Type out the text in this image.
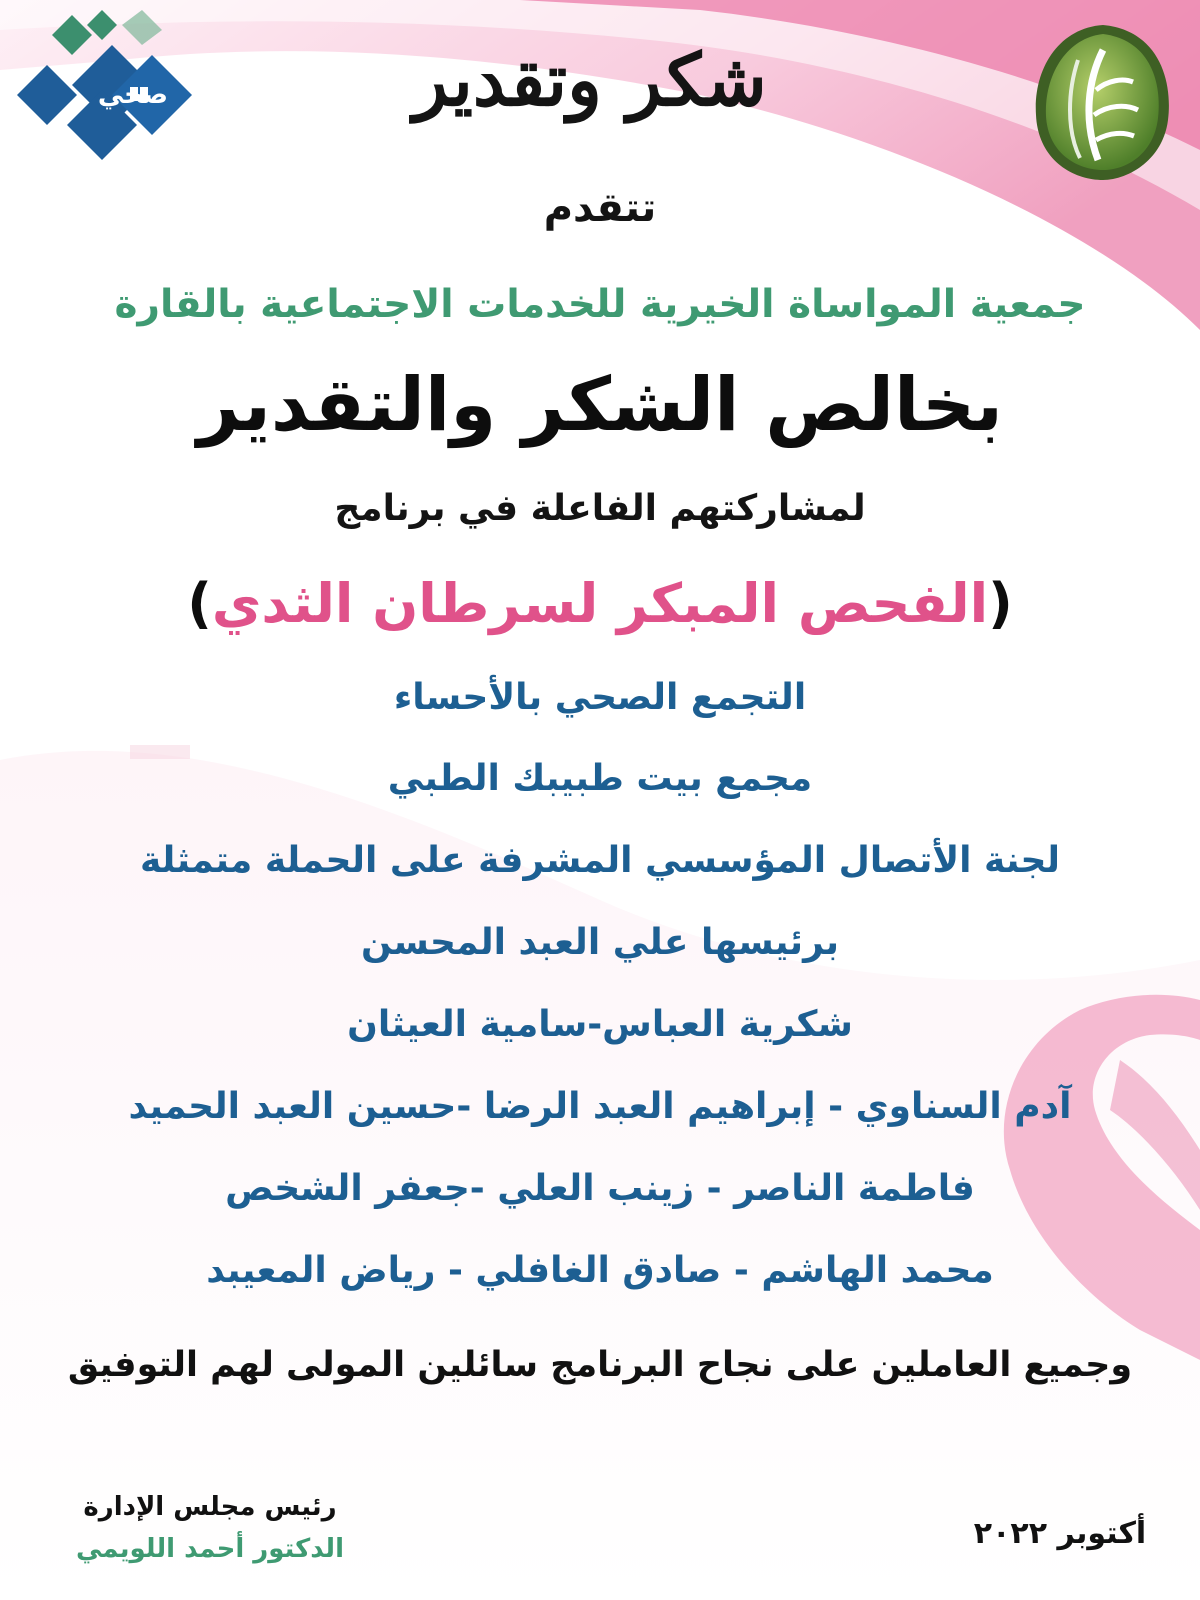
صحي	شكر وتقدير
تتقدم
جمعية المواساة الخيرية للخدمات الاجتماعية بالقارة
بخالص الشكر والتقدير
لمشاركتهم الفاعلة في برنامج
(الفحص المبكر لسرطان الثدي)
التجمع الصحي بالأحساء
مجمع بيت طبيبك الطبي
لجنة الأتصال المؤسسي المشرفة على الحملة متمثلة
برئيسها علي العبد المحسن
شكرية العباس-سامية العيثان
آدم السناوي - إبراهيم العبد الرضا -حسين العبد الحميد
فاطمة الناصر - زينب العلي -جعفر الشخص
محمد الهاشم - صادق الغافلي - رياض المعيبد
وجميع العاملين على نجاح البرنامج سائلين المولى لهم التوفيق
رئيس مجلس الإدارة
الدكتور أحمد اللويمي	أكتوبر ٢٠٢٢
